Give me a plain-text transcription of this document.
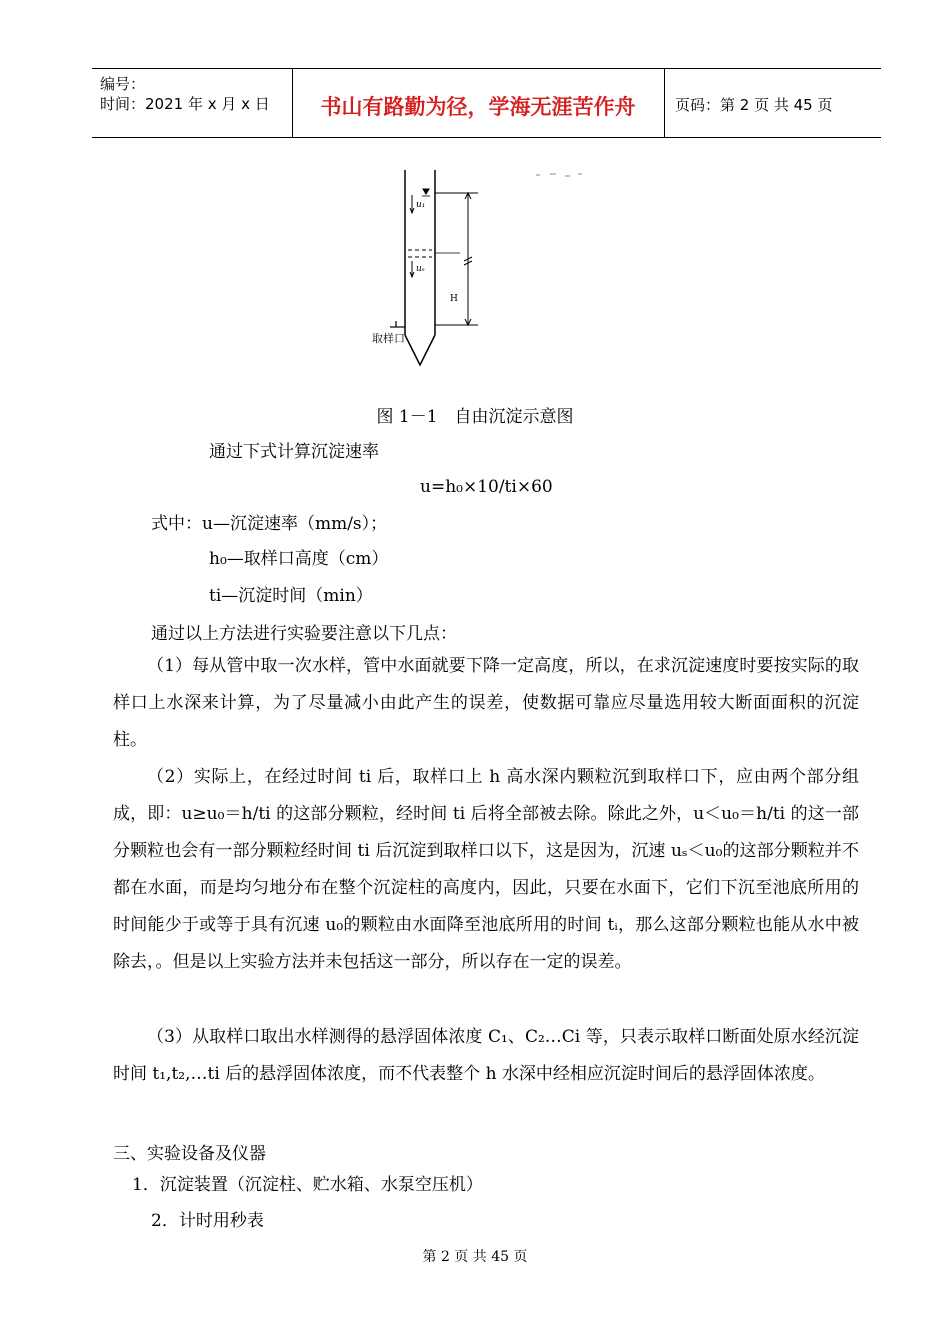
编号：
时间：2021 年 x 月 x 日	书山有路勤为径，学海无涯苦作舟	页码：第 2 页 共 45 页
u₁
uₛ
H
取样口
图 1－1　自由沉淀示意图
通过下式计算沉淀速率
u=h₀×10/ti×60
式中：u—沉淀速率（mm/s）；
h₀—取样口高度（cm）
ti—沉淀时间（min）
通过以上方法进行实验要注意以下几点：
（1）每从管中取一次水样，管中水面就要下降一定高度，所以，在求沉淀速度时要按实际的取样口上水深来计算，为了尽量减小由此产生的误差，使数据可靠应尽量选用较大断面面积的沉淀柱。
（2）实际上，在经过时间 ti 后，取样口上 h 高水深内颗粒沉到取样口下，应由两个部分组成，即：u≥u₀＝h/ti 的这部分颗粒，经时间 ti 后将全部被去除。除此之外，u＜u₀＝h/ti 的这一部分颗粒也会有一部分颗粒经时间 ti 后沉淀到取样口以下，这是因为，沉速 uₛ＜u₀的这部分颗粒并不都在水面，而是均匀地分布在整个沉淀柱的高度内，因此，只要在水面下，它们下沉至池底所用的时间能少于或等于具有沉速 u₀的颗粒由水面降至池底所用的时间 tᵢ，那么这部分颗粒也能从水中被除去，。但是以上实验方法并未包括这一部分，所以存在一定的误差。
（3）从取样口取出水样测得的悬浮固体浓度 C₁、C₂…Ci 等，只表示取样口断面处原水经沉淀时间 t₁,t₂,…ti 后的悬浮固体浓度，而不代表整个 h 水深中经相应沉淀时间后的悬浮固体浓度。
三、实验设备及仪器
1．沉淀装置（沉淀柱、贮水箱、水泵空压机）
2．计时用秒表
第 2 页 共 45 页
